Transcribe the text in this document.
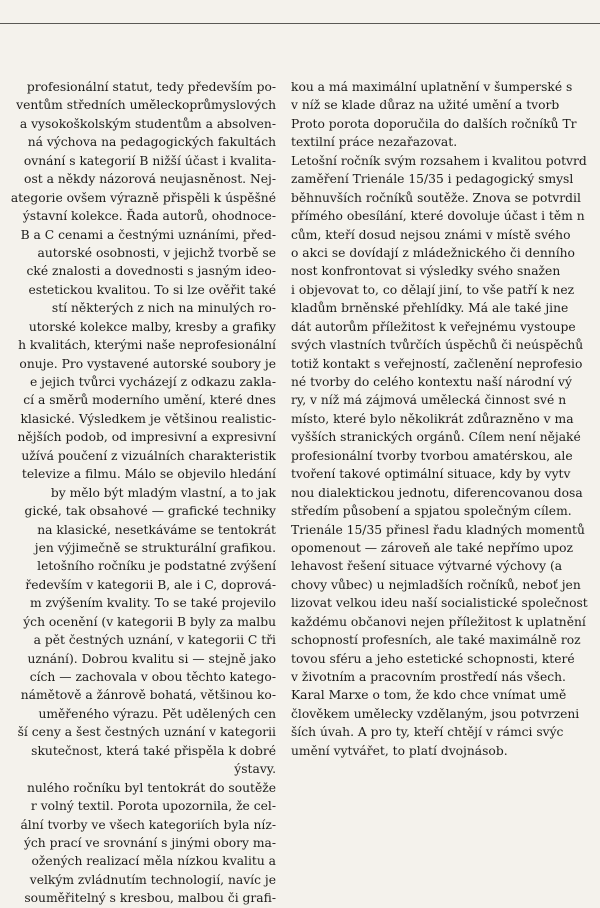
profesionální statut, tedy především po-
ventům středních uměleckoprůmyslových
a vysokoškolským studentům a absolven-
ná výchova na pedagogických fakultách
ovnání s kategorií B nižší účast i kvalita-
ost a někdy názorová neujasněnost. Nej-
ategorie ovšem výrazně přispěli k úspěšné
ýstavní kolekce. Řada autorů, ohodnoce-
B a C cenami a čestnými uznáními, před-
autorské osobnosti, v jejichž tvorbě se
cké znalosti a dovednosti s jasným ideo-
estetickou kvalitou. To si lze ověřit také
stí některých z nich na minulých ro-
utorské kolekce malby, kresby a grafiky
h kvalitách, kterými naše neprofesionální
onuje. Pro vystavené autorské soubory je
e jejich tvůrci vycházejí z odkazu zakla-
cí a směrů moderního umění, které dnes
klasické. Výsledkem je většinou realistic-
nějších podob, od impresivní a expresivní
užívá poučení z vizuálních charakteristik
televize a filmu. Málo se objevilo hledání
by mělo být mladým vlastní, a to jak
gické, tak obsahové — grafické techniky
na klasické, nesetkáváme se tentokrát
jen výjimečně se strukturální grafikou.
letošního ročníku je podstatné zvýšení
ředevším v kategorii B, ale i C, doprová-
m zvýšením kvality. To se také projevilo
ých ocenění (v kategorii B byly za malbu
a pět čestných uznání, v kategorii C tři
uznání). Dobrou kvalitu si — stejně jako
cích — zachovala v obou těchto katego-
námětově a žánrově bohatá, většinou ko-
uměřeného výrazu. Pět udělených cen
ší ceny a šest čestných uznání v kategorii
skutečnost, která také přispěla k dobré
ýstavy.
nulého ročníku byl tentokrát do soutěže
r volný textil. Porota upozornila, že cel-
ální tvorby ve všech kategoriích byla níz-
ých prací ve srovnání s jinými obory ma-
ožených realizací měla nízkou kvalitu a
velkým zvládnutím technologií, navíc je
souměřitelný s kresbou, malbou či grafi-
kou a má maximální uplatnění v šumperské s
v níž se klade důraz na užité umění a tvorb
Proto porota doporučila do dalších ročníků Tr
textilní práce nezařazovat.
Letošní ročník svým rozsahem i kvalitou potvrd
zaměření Trienále 15/35 i pedagogický smysl
běhnuvších ročníků soutěže. Znova se potvrdil
přímého obesílání, které dovoluje účast i těm n
cům, kteří dosud nejsou známi v místě svého
o akci se dovídají z mládežnického či denního
nost konfrontovat si výsledky svého snažen
i objevovat to, co dělají jiní, to vše patří k nez
kladům brněnské přehlídky. Má ale také jine
dát autorům příležitost k veřejnému vystoupe
svých vlastních tvůrčích úspěchů či neúspěchů
totiž kontakt s veřejností, začlenění neprofesio
né tvorby do celého kontextu naší národní vý
ry, v níž má zájmová umělecká činnost své n
místo, které bylo několikrát zdůrazněno v ma
vyšších stranických orgánů. Cílem není nějaké
profesionální tvorby tvorbou amatérskou, ale
tvoření takové optimální situace, kdy by vytv
nou dialektickou jednotu, diferencovanou dosa
středím působení a spjatou společným cílem.
Trienále 15/35 přinesl řadu kladných momentů
opomenout — zároveň ale také nepřímo upoz
lehavost řešení situace výtvarné výchovy (a
chovy vůbec) u nejmladších ročníků, neboť jen
lizovat velkou ideu naší socialistické společnost
každému občanovi nejen příležitost k uplatnění
schopností profesních, ale také maximálně roz
tovou sféru a jeho estetické schopnosti, které
v životním a pracovním prostředí nás všech.
Karal Marxe o tom, že kdo chce vnímat umě
člověkem umělecky vzdělaným, jsou potvrzeni
ších úvah. A pro ty, kteří chtějí v rámci svýc
umění vytvářet, to platí dvojnásob.
